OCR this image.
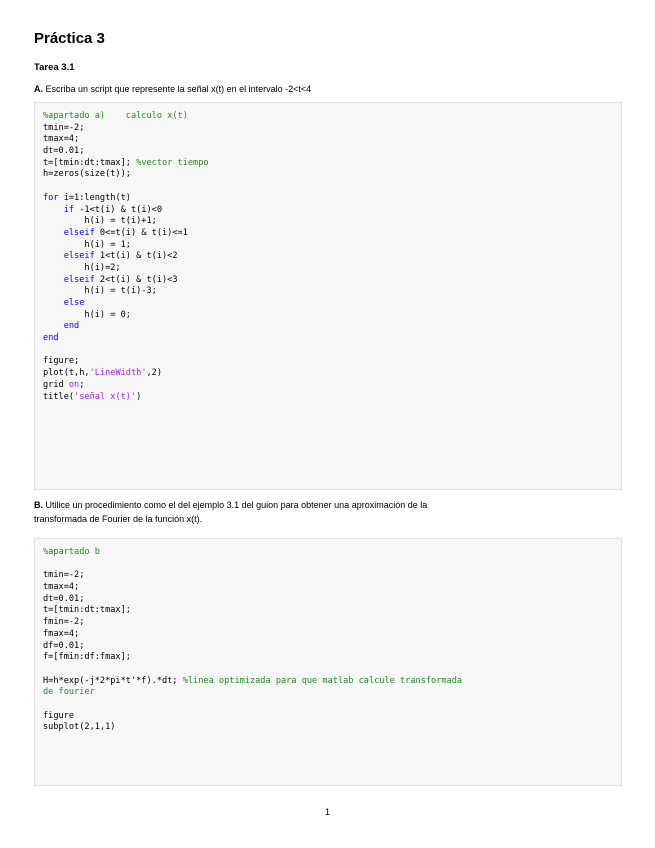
Práctica 3

Tarea 3.1

A. Escriba un script que represente la señal x(t) en el intervalo -2<t<4

%apartado a)    calculo x(t)
tmin=-2;
tmax=4;
dt=0.01;
t=[tmin:dt:tmax]; %vector tiempo
h=zeros(size(t));
for i=1:length(t)
if -1<t(i) & t(i)<0
h(i) = t(i)+1;
elseif 0<=t(i) & t(i)<=1
h(i) = 1;
elseif 1<t(i) & t(i)<2
h(i)=2;
elseif 2<t(i) & t(i)<3
h(i) = t(i)-3;
else
h(i) = 0;
end
end
figure;
plot(t,h,'LineWidth',2)
grid on;
title('señal x(t)')

B. Utilice un procedimiento como el del ejemplo 3.1 del guion para obtener una aproximación de la
transformada de Fourier de la función x(t).

%apartado b
tmin=-2;
tmax=4;
dt=0.01;
t=[tmin:dt:tmax];
fmin=-2;
fmax=4;
df=0.01;
f=[fmin:df:fmax];
H=h*exp(-j*2*pi*t'*f).*dt; %linea optimizada para que matlab calcule transformada
de fourier
figure
subplot(2,1,1)
1
